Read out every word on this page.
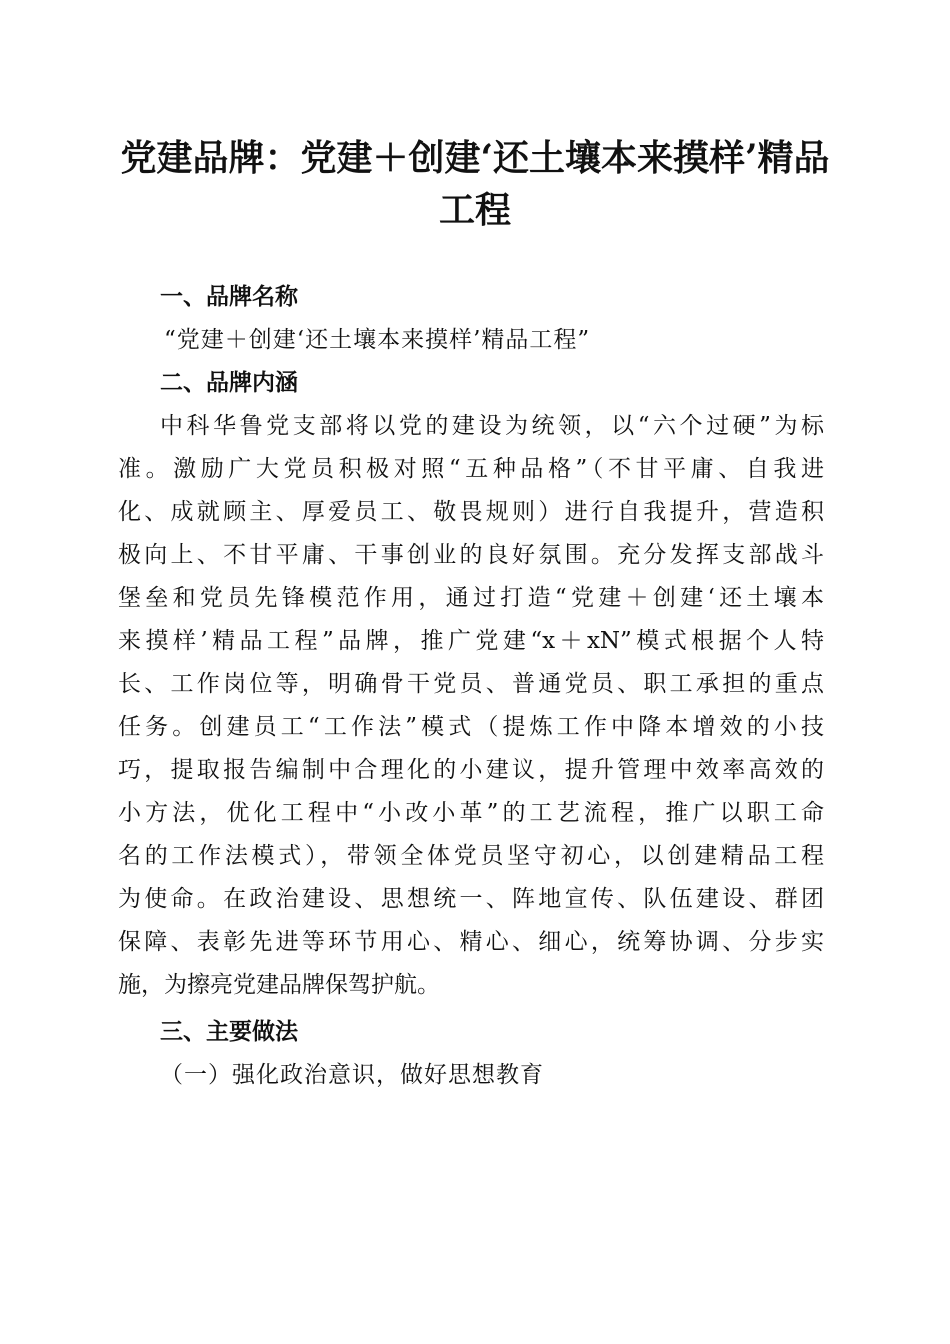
党建品牌：党建＋创建‘还土壤本来摸样’精品工程

一、品牌名称

“党建＋创建‘还土壤本来摸样’精品工程”

二、品牌内涵

中科华鲁党支部将以党的建设为统领，以“六个过硬”为标

准。激励广大党员积极对照“五种品格”（不甘平庸、自我进

化、成就顾主、厚爱员工、敬畏规则）进行自我提升，营造积

极向上、不甘平庸、干事创业的良好氛围。充分发挥支部战斗

堡垒和党员先锋模范作用，通过打造“党建＋创建‘还土壤本

来摸样’精品工程”品牌，推广党建“x＋xN”模式根据个人特

长、工作岗位等，明确骨干党员、普通党员、职工承担的重点

任务。创建员工“工作法”模式（提炼工作中降本增效的小技

巧，提取报告编制中合理化的小建议，提升管理中效率高效的

小方法，优化工程中“小改小革”的工艺流程，推广以职工命

名的工作法模式），带领全体党员坚守初心，以创建精品工程

为使命。在政治建设、思想统一、阵地宣传、队伍建设、群团

保障、表彰先进等环节用心、精心、细心，统筹协调、分步实

施，为擦亮党建品牌保驾护航。

三、主要做法

（一）强化政治意识，做好思想教育
